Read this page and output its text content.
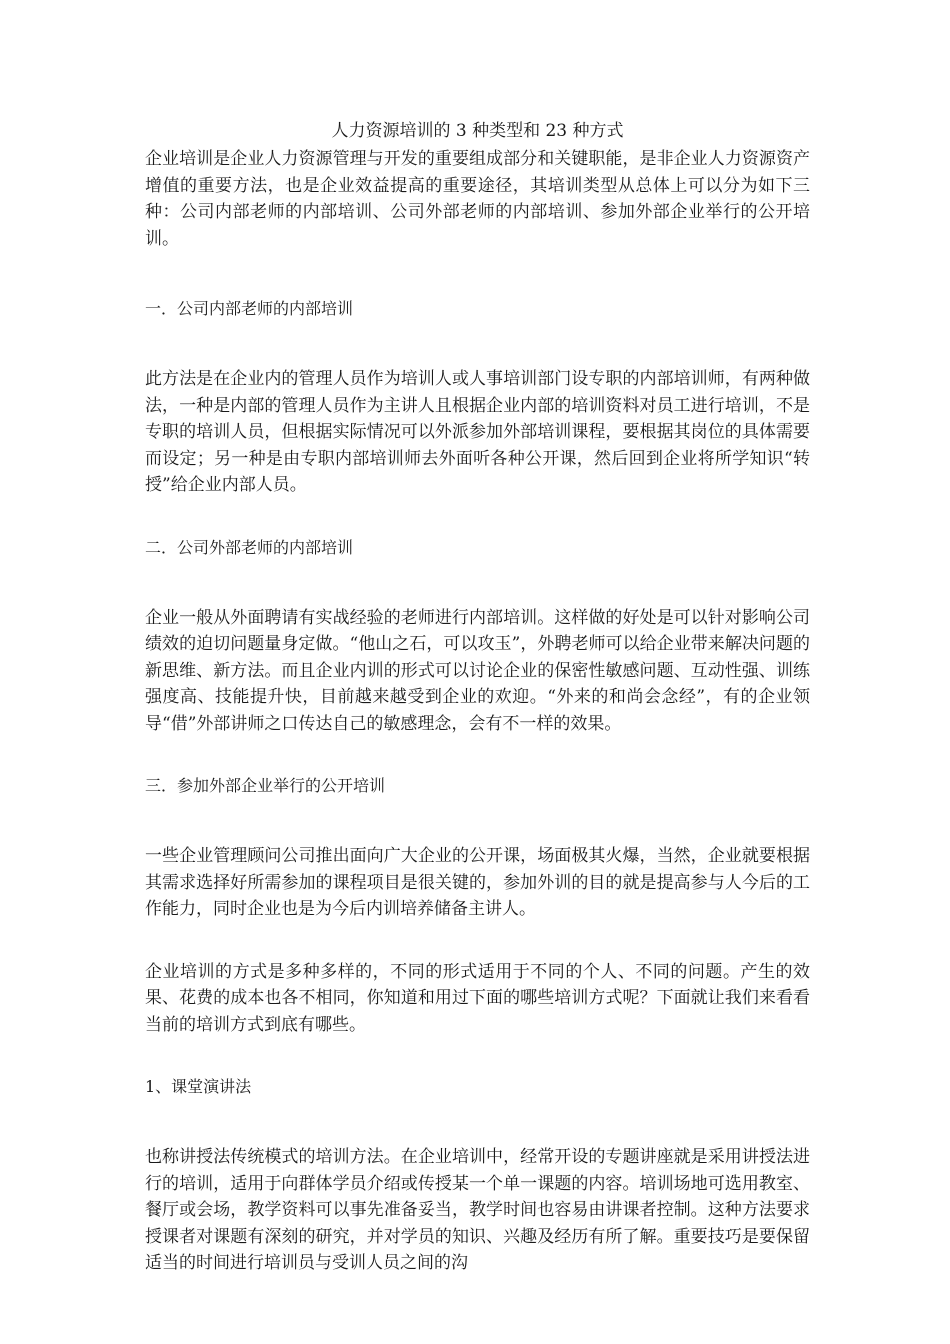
人力资源培训的 3 种类型和 23 种方式

企业培训是企业人力资源管理与开发的重要组成部分和关键职能，是非企业人力资源资产增值的重要方法，也是企业效益提高的重要途径，其培训类型从总体上可以分为如下三种：公司内部老师的内部培训、公司外部老师的内部培训、参加外部企业举行的公开培训。

一．公司内部老师的内部培训

此方法是在企业内的管理人员作为培训人或人事培训部门设专职的内部培训师，有两种做法，一种是内部的管理人员作为主讲人且根据企业内部的培训资料对员工进行培训，不是专职的培训人员，但根据实际情况可以外派参加外部培训课程，要根据其岗位的具体需要而设定；另一种是由专职内部培训师去外面听各种公开课，然后回到企业将所学知识“转授”给企业内部人员。

二．公司外部老师的内部培训

企业一般从外面聘请有实战经验的老师进行内部培训。这样做的好处是可以针对影响公司绩效的迫切问题量身定做。“他山之石，可以攻玉”，外聘老师可以给企业带来解决问题的新思维、新方法。而且企业内训的形式可以讨论企业的保密性敏感问题、互动性强、训练强度高、技能提升快，目前越来越受到企业的欢迎。“外来的和尚会念经”，有的企业领导“借”外部讲师之口传达自己的敏感理念，会有不一样的效果。

三．参加外部企业举行的公开培训

一些企业管理顾问公司推出面向广大企业的公开课，场面极其火爆，当然，企业就要根据其需求选择好所需参加的课程项目是很关键的，参加外训的目的就是提高参与人今后的工作能力，同时企业也是为今后内训培养储备主讲人。

企业培训的方式是多种多样的，不同的形式适用于不同的个人、不同的问题。产生的效果、花费的成本也各不相同，你知道和用过下面的哪些培训方式呢？下面就让我们来看看当前的培训方式到底有哪些。

1、课堂演讲法

也称讲授法传统模式的培训方法。在企业培训中，经常开设的专题讲座就是采用讲授法进行的培训，适用于向群体学员介绍或传授某一个单一课题的内容。培训场地可选用教室、餐厅或会场，教学资料可以事先准备妥当，教学时间也容易由讲课者控制。这种方法要求授课者对课题有深刻的研究，并对学员的知识、兴趣及经历有所了解。重要技巧是要保留适当的时间进行培训员与受训人员之间的沟
